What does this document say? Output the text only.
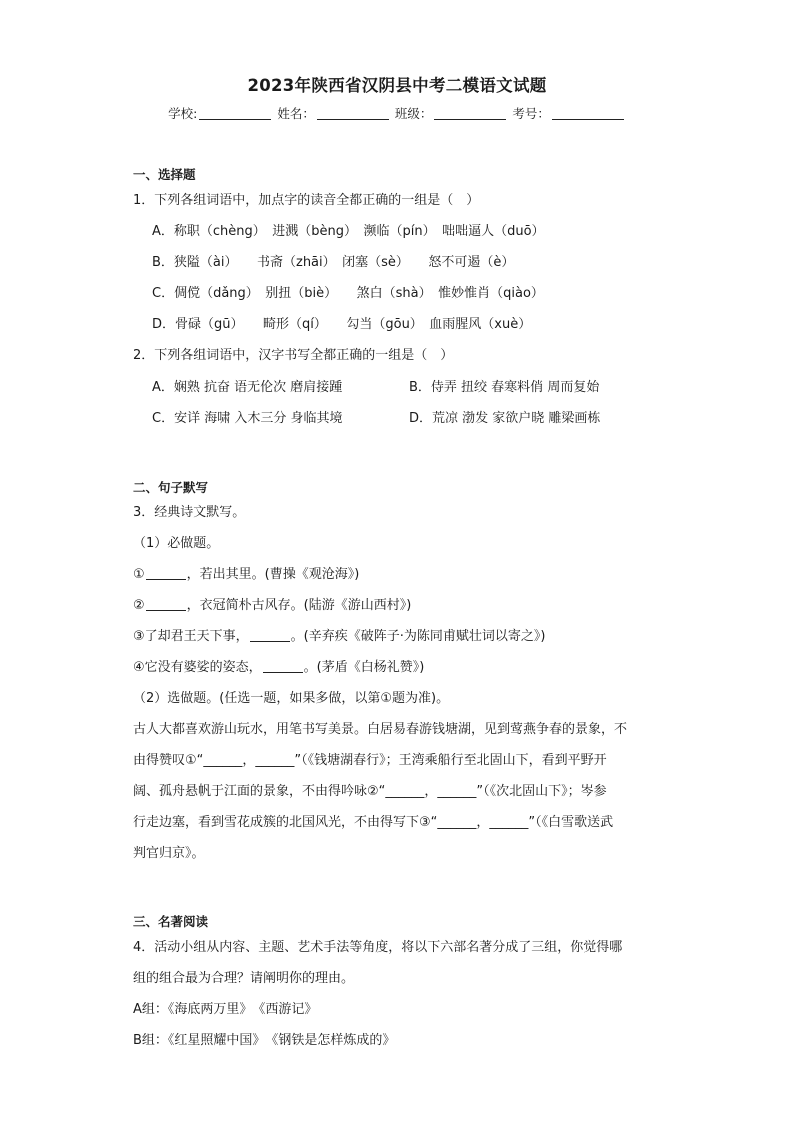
2023年陕西省汉阴县中考二模语文试题
学校:	姓名：	班级：	考号：
一、选择题
1．下列各组词语中，加点字的读音全都正确的一组是（　）
A．称职（chèng）　进溅（bèng）　濒临（pín）　咄咄逼人（duō）
B．狭隘（ài）　　书斋（zhāi）　闭塞（sè）　　怒不可遏（è）
C．倜傥（dǎng）　别扭（biè）　　煞白（shà）　惟妙惟肖（qiào）
D．骨碌（gū）　　畸形（qí）　　勾当（gōu）　血雨腥风（xuè）
2．下列各组词语中，汉字书写全都正确的一组是（　）
A．娴熟 抗奋 语无伦次 磨肩接踵	B．侍弄 扭绞 春寒料俏 周而复始
C．安详 海啸 入木三分 身临其境	D．荒凉 渤发 家欲户晓 雕梁画栋
二、句子默写
3．经典诗文默写。
（1）必做题。
①	，若出其里。(曹操《观沧海》)
②	，衣冠简朴古风存。(陆游《游山西村》)
③了却君王天下事，	。(辛弃疾《破阵子·为陈同甫赋壮词以寄之》)
④它没有婆娑的姿态，	。(茅盾《白杨礼赞》)
（2）选做题。(任选一题，如果多做，以第①题为准)。
古人大都喜欢游山玩水，用笔书写美景。白居易春游钱塘湖，见到莺燕争春的景象，不
由得赞叹①“______，______”（《钱塘湖春行》；王湾乘船行至北固山下，看到平野开
阔、孤舟悬帆于江面的景象，不由得吟咏②“______，______”（《次北固山下》；岑参
行走边塞，看到雪花成簇的北国风光，不由得写下③“______，______”（《白雪歌送武
判官归京》。
三、名著阅读
4．活动小组从内容、主题、艺术手法等角度，将以下六部名著分成了三组，你觉得哪
组的组合最为合理？请阐明你的理由。
A组：《海底两万里》　《西游记》
B组：《红星照耀中国》　《钢铁是怎样炼成的》
